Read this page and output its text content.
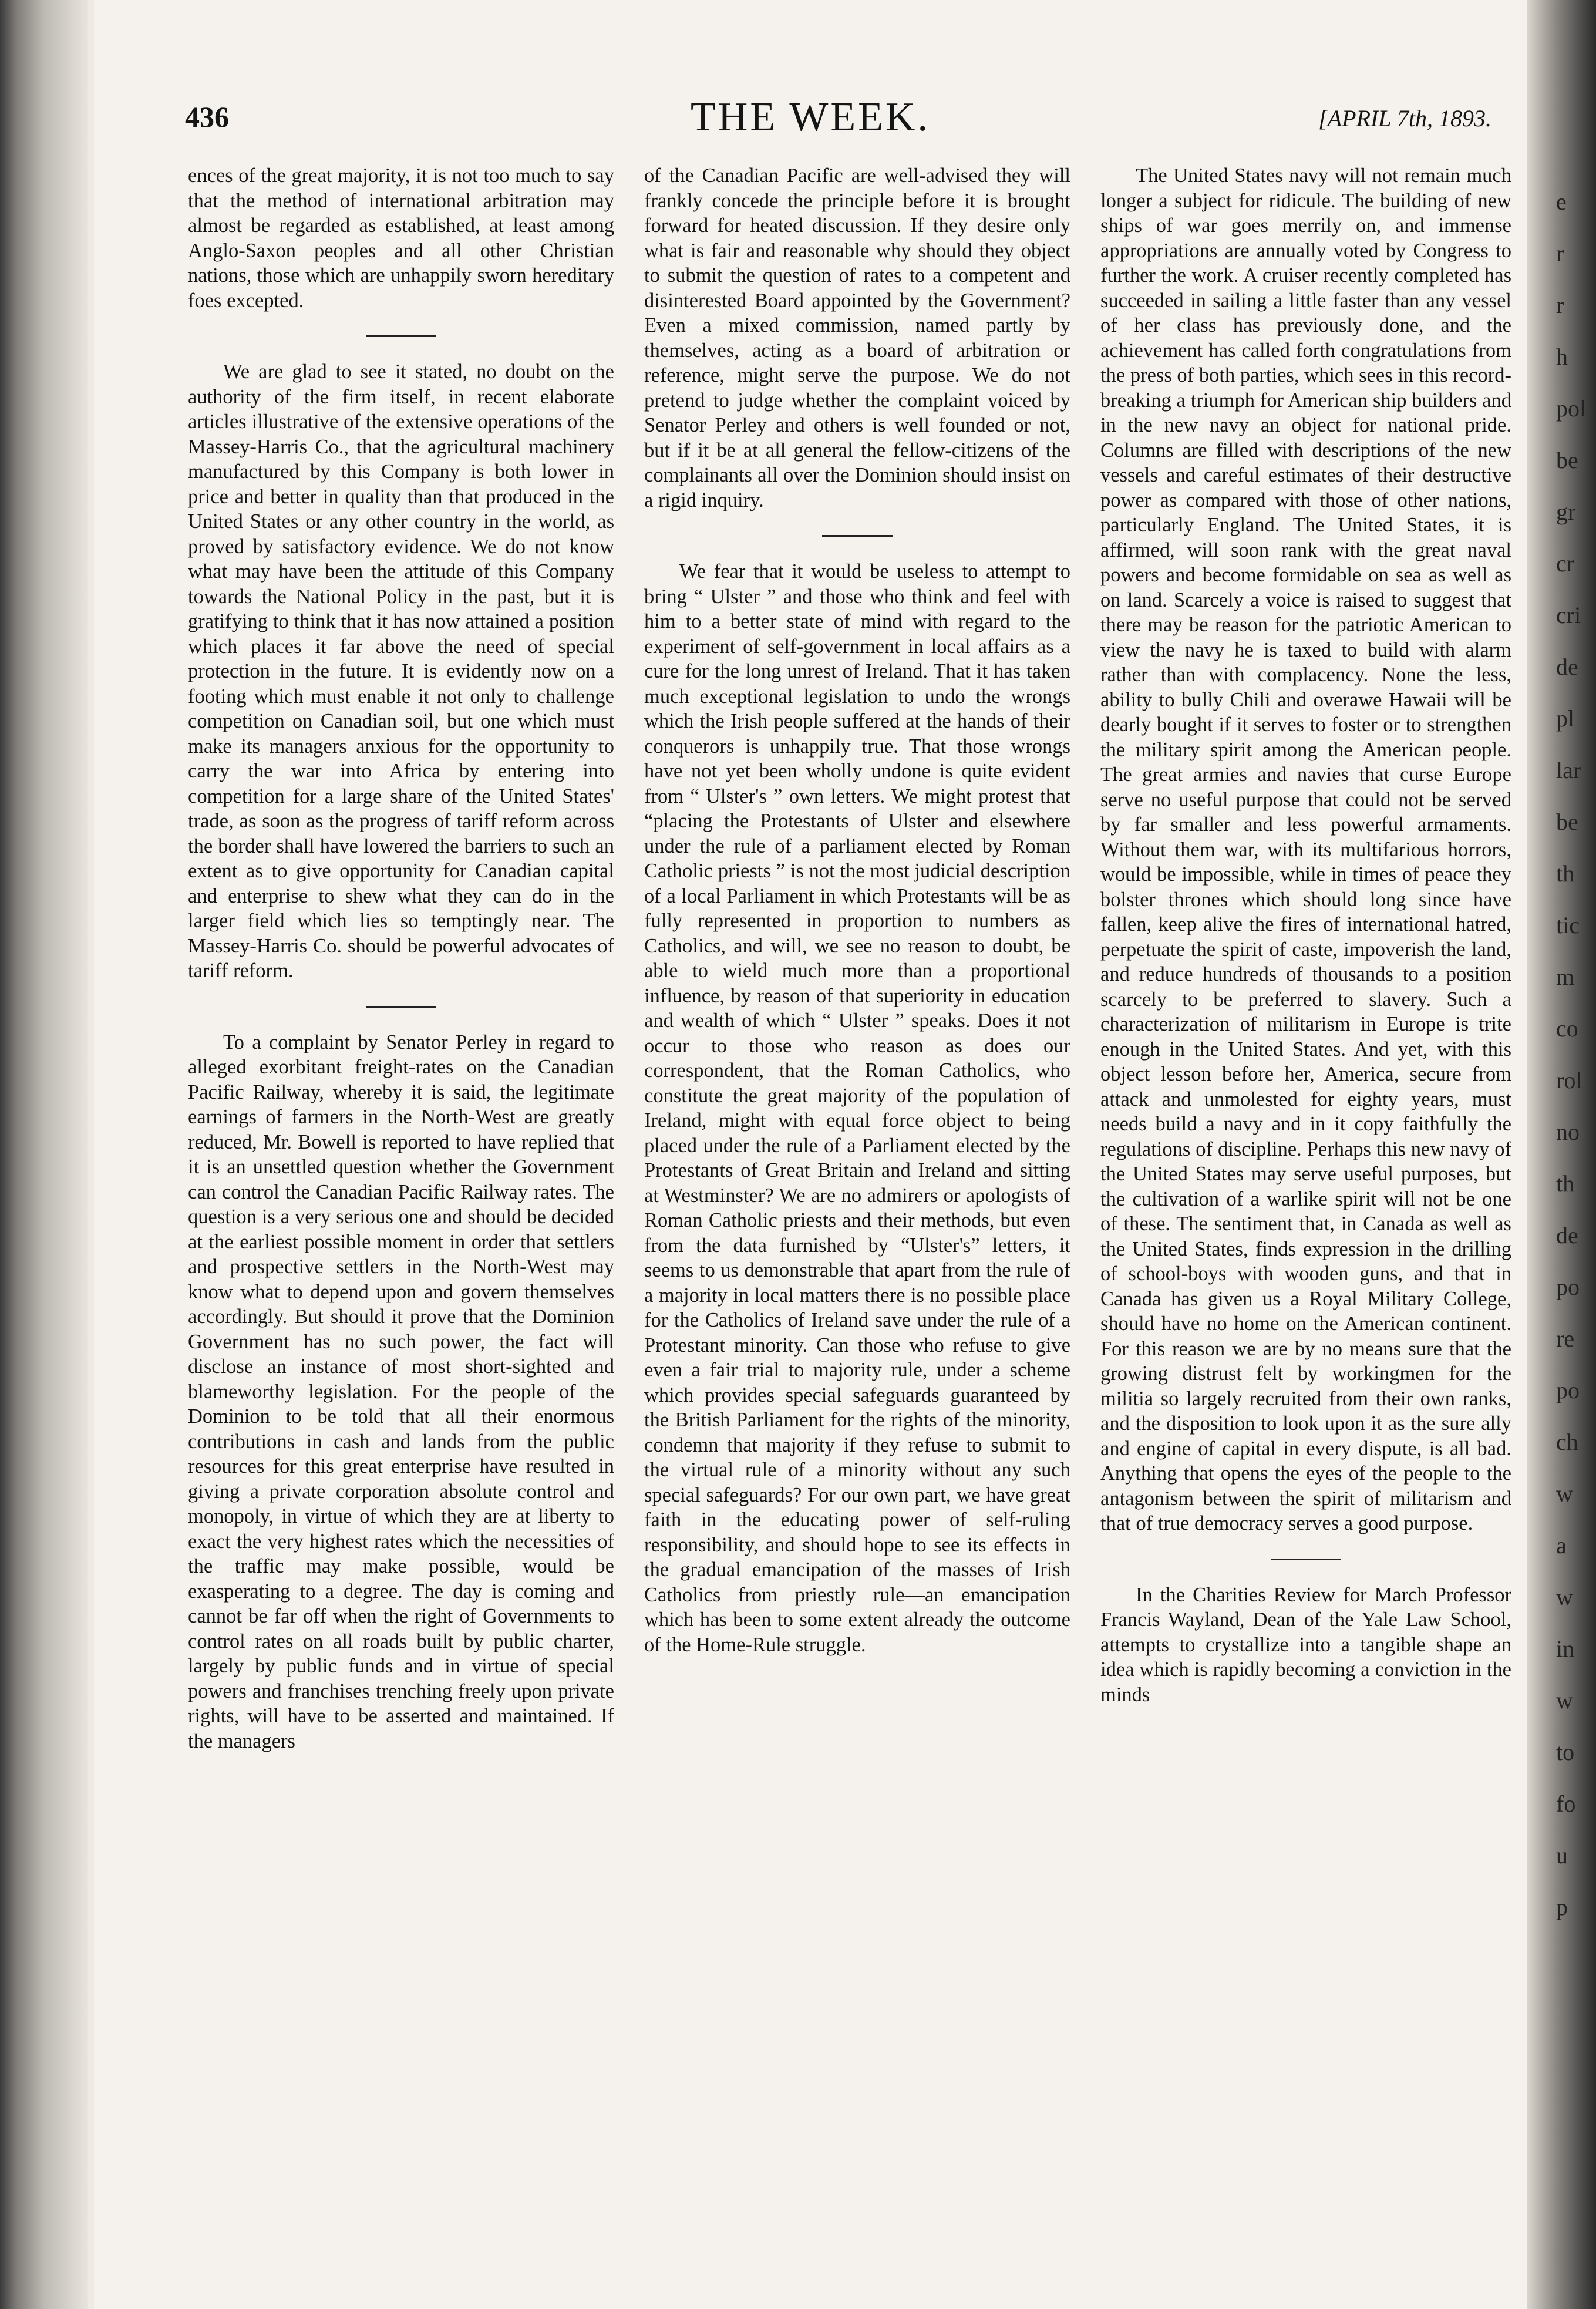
THE WEEK.
436	[APRIL 7th, 1893.

ences of the great majority, it is not too much to say that the method of international arbitration may almost be regarded as established, at least among Anglo-Saxon peoples and all other Christian nations, those which are unhappily sworn hereditary foes excepted.

We are glad to see it stated, no doubt on the authority of the firm itself, in recent elaborate articles illustrative of the extensive operations of the Massey-Harris Co., that the agricultural machinery manufactured by this Company is both lower in price and better in quality than that produced in the United States or any other country in the world, as proved by satisfactory evidence. We do not know what may have been the attitude of this Company towards the National Policy in the past, but it is gratifying to think that it has now attained a position which places it far above the need of special protection in the future. It is evidently now on a footing which must enable it not only to challenge competition on Canadian soil, but one which must make its managers anxious for the opportunity to carry the war into Africa by entering into competition for a large share of the United States' trade, as soon as the progress of tariff reform across the border shall have lowered the barriers to such an extent as to give opportunity for Canadian capital and enterprise to shew what they can do in the larger field which lies so temptingly near. The Massey-Harris Co. should be powerful advocates of tariff reform.

To a complaint by Senator Perley in regard to alleged exorbitant freight-rates on the Canadian Pacific Railway, whereby it is said, the legitimate earnings of farmers in the North-West are greatly reduced, Mr. Bowell is reported to have replied that it is an unsettled question whether the Government can control the Canadian Pacific Railway rates. The question is a very serious one and should be decided at the earliest possible moment in order that settlers and prospective settlers in the North-West may know what to depend upon and govern themselves accordingly. But should it prove that the Dominion Government has no such power, the fact will disclose an instance of most short-sighted and blameworthy legislation. For the people of the Dominion to be told that all their enormous contributions in cash and lands from the public resources for this great enterprise have resulted in giving a private corporation absolute control and monopoly, in virtue of which they are at liberty to exact the very highest rates which the necessities of the traffic may make possible, would be exasperating to a degree. The day is coming and cannot be far off when the right of Governments to control rates on all roads built by public charter, largely by public funds and in virtue of special powers and franchises trenching freely upon private rights, will have to be asserted and maintained. If the managers

of the Canadian Pacific are well-advised they will frankly concede the principle before it is brought forward for heated discussion. If they desire only what is fair and reasonable why should they object to submit the question of rates to a competent and disinterested Board appointed by the Government? Even a mixed commission, named partly by themselves, acting as a board of arbitration or reference, might serve the purpose. We do not pretend to judge whether the complaint voiced by Senator Perley and others is well founded or not, but if it be at all general the fellow-citizens of the complainants all over the Dominion should insist on a rigid inquiry.

We fear that it would be useless to attempt to bring “ Ulster ” and those who think and feel with him to a better state of mind with regard to the experiment of self-government in local affairs as a cure for the long unrest of Ireland. That it has taken much exceptional legislation to undo the wrongs which the Irish people suffered at the hands of their conquerors is unhappily true. That those wrongs have not yet been wholly undone is quite evident from “ Ulster's ” own letters. We might protest that “placing the Protestants of Ulster and elsewhere under the rule of a parliament elected by Roman Catholic priests ” is not the most judicial description of a local Parliament in which Protestants will be as fully represented in proportion to numbers as Catholics, and will, we see no reason to doubt, be able to wield much more than a proportional influence, by reason of that superiority in education and wealth of which “ Ulster ” speaks. Does it not occur to those who reason as does our correspondent, that the Roman Catholics, who constitute the great majority of the population of Ireland, might with equal force object to being placed under the rule of a Parliament elected by the Protestants of Great Britain and Ireland and sitting at Westminster? We are no admirers or apologists of Roman Catholic priests and their methods, but even from the data furnished by “Ulster's” letters, it seems to us demonstrable that apart from the rule of a majority in local matters there is no possible place for the Catholics of Ireland save under the rule of a Protestant minority. Can those who refuse to give even a fair trial to majority rule, under a scheme which provides special safeguards guaranteed by the British Parliament for the rights of the minority, condemn that majority if they refuse to submit to the virtual rule of a minority without any such special safeguards? For our own part, we have great faith in the educating power of self-ruling responsibility, and should hope to see its effects in the gradual emancipation of the masses of Irish Catholics from priestly rule—an emancipation which has been to some extent already the outcome of the Home-Rule struggle.

The United States navy will not remain much longer a subject for ridicule. The building of new ships of war goes merrily on, and immense appropriations are annually voted by Congress to further the work. A cruiser recently completed has succeeded in sailing a little faster than any vessel of her class has previously done, and the achievement has called forth congratulations from the press of both parties, which sees in this record-breaking a triumph for American ship builders and in the new navy an object for national pride. Columns are filled with descriptions of the new vessels and careful estimates of their destructive power as compared with those of other nations, particularly England. The United States, it is affirmed, will soon rank with the great naval powers and become formidable on sea as well as on land. Scarcely a voice is raised to suggest that there may be reason for the patriotic American to view the navy he is taxed to build with alarm rather than with complacency. None the less, ability to bully Chili and overawe Hawaii will be dearly bought if it serves to foster or to strengthen the military spirit among the American people. The great armies and navies that curse Europe serve no useful purpose that could not be served by far smaller and less powerful armaments. Without them war, with its multifarious horrors, would be impossible, while in times of peace they bolster thrones which should long since have fallen, keep alive the fires of international hatred, perpetuate the spirit of caste, impoverish the land, and reduce hundreds of thousands to a position scarcely to be preferred to slavery. Such a characterization of militarism in Europe is trite enough in the United States. And yet, with this object lesson before her, America, secure from attack and unmolested for eighty years, must needs build a navy and in it copy faithfully the regulations of discipline. Perhaps this new navy of the United States may serve useful purposes, but the cultivation of a warlike spirit will not be one of these. The sentiment that, in Canada as well as the United States, finds expression in the drilling of school-boys with wooden guns, and that in Canada has given us a Royal Military College, should have no home on the American continent. For this reason we are by no means sure that the growing distrust felt by workingmen for the militia so largely recruited from their own ranks, and the disposition to look upon it as the sure ally and engine of capital in every dispute, is all bad. Anything that opens the eyes of the people to the antagonism between the spirit of militarism and that of true democracy serves a good purpose.

In the Charities Review for March Professor Francis Wayland, Dean of the Yale Law School, attempts to crystallize into a tangible shape an idea which is rapidly becoming a conviction in the minds

e
r
r
h
pol
be
gr
cr
cri
de
pl
lar
be
th
tic
m
co
rol
no
th
de
po
re
po
ch
w
a
w
in
w
to
fo
u
p
